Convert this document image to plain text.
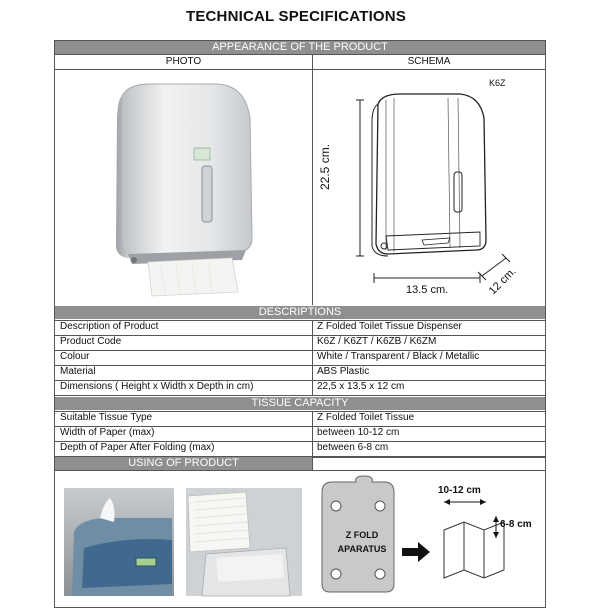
TECHNICAL SPECIFICATIONS
APPEARANCE OF THE PRODUCT
PHOTO	SCHEMA
K6Z
22.5 cm.
13.5 cm.	12 cm.
DESCRIPTIONS
Description of Product	Z Folded Toilet Tissue Dispenser
Product Code	K6Z / K6ZT / K6ZB / K6ZM
Colour	White / Transparent / Black / Metallic
Material	ABS Plastic
Dimensions ( Height x Width x Depth in cm)	22,5 x 13.5 x 12 cm
TISSUE CAPACITY
Suitable Tissue Type	Z Folded Toilet Tissue
Width of Paper (max)	between 10-12 cm
Depth of Paper After Folding (max)	between 6-8 cm
USING OF PRODUCT
Z FOLD
APARATUS
10-12 cm
6-8 cm
